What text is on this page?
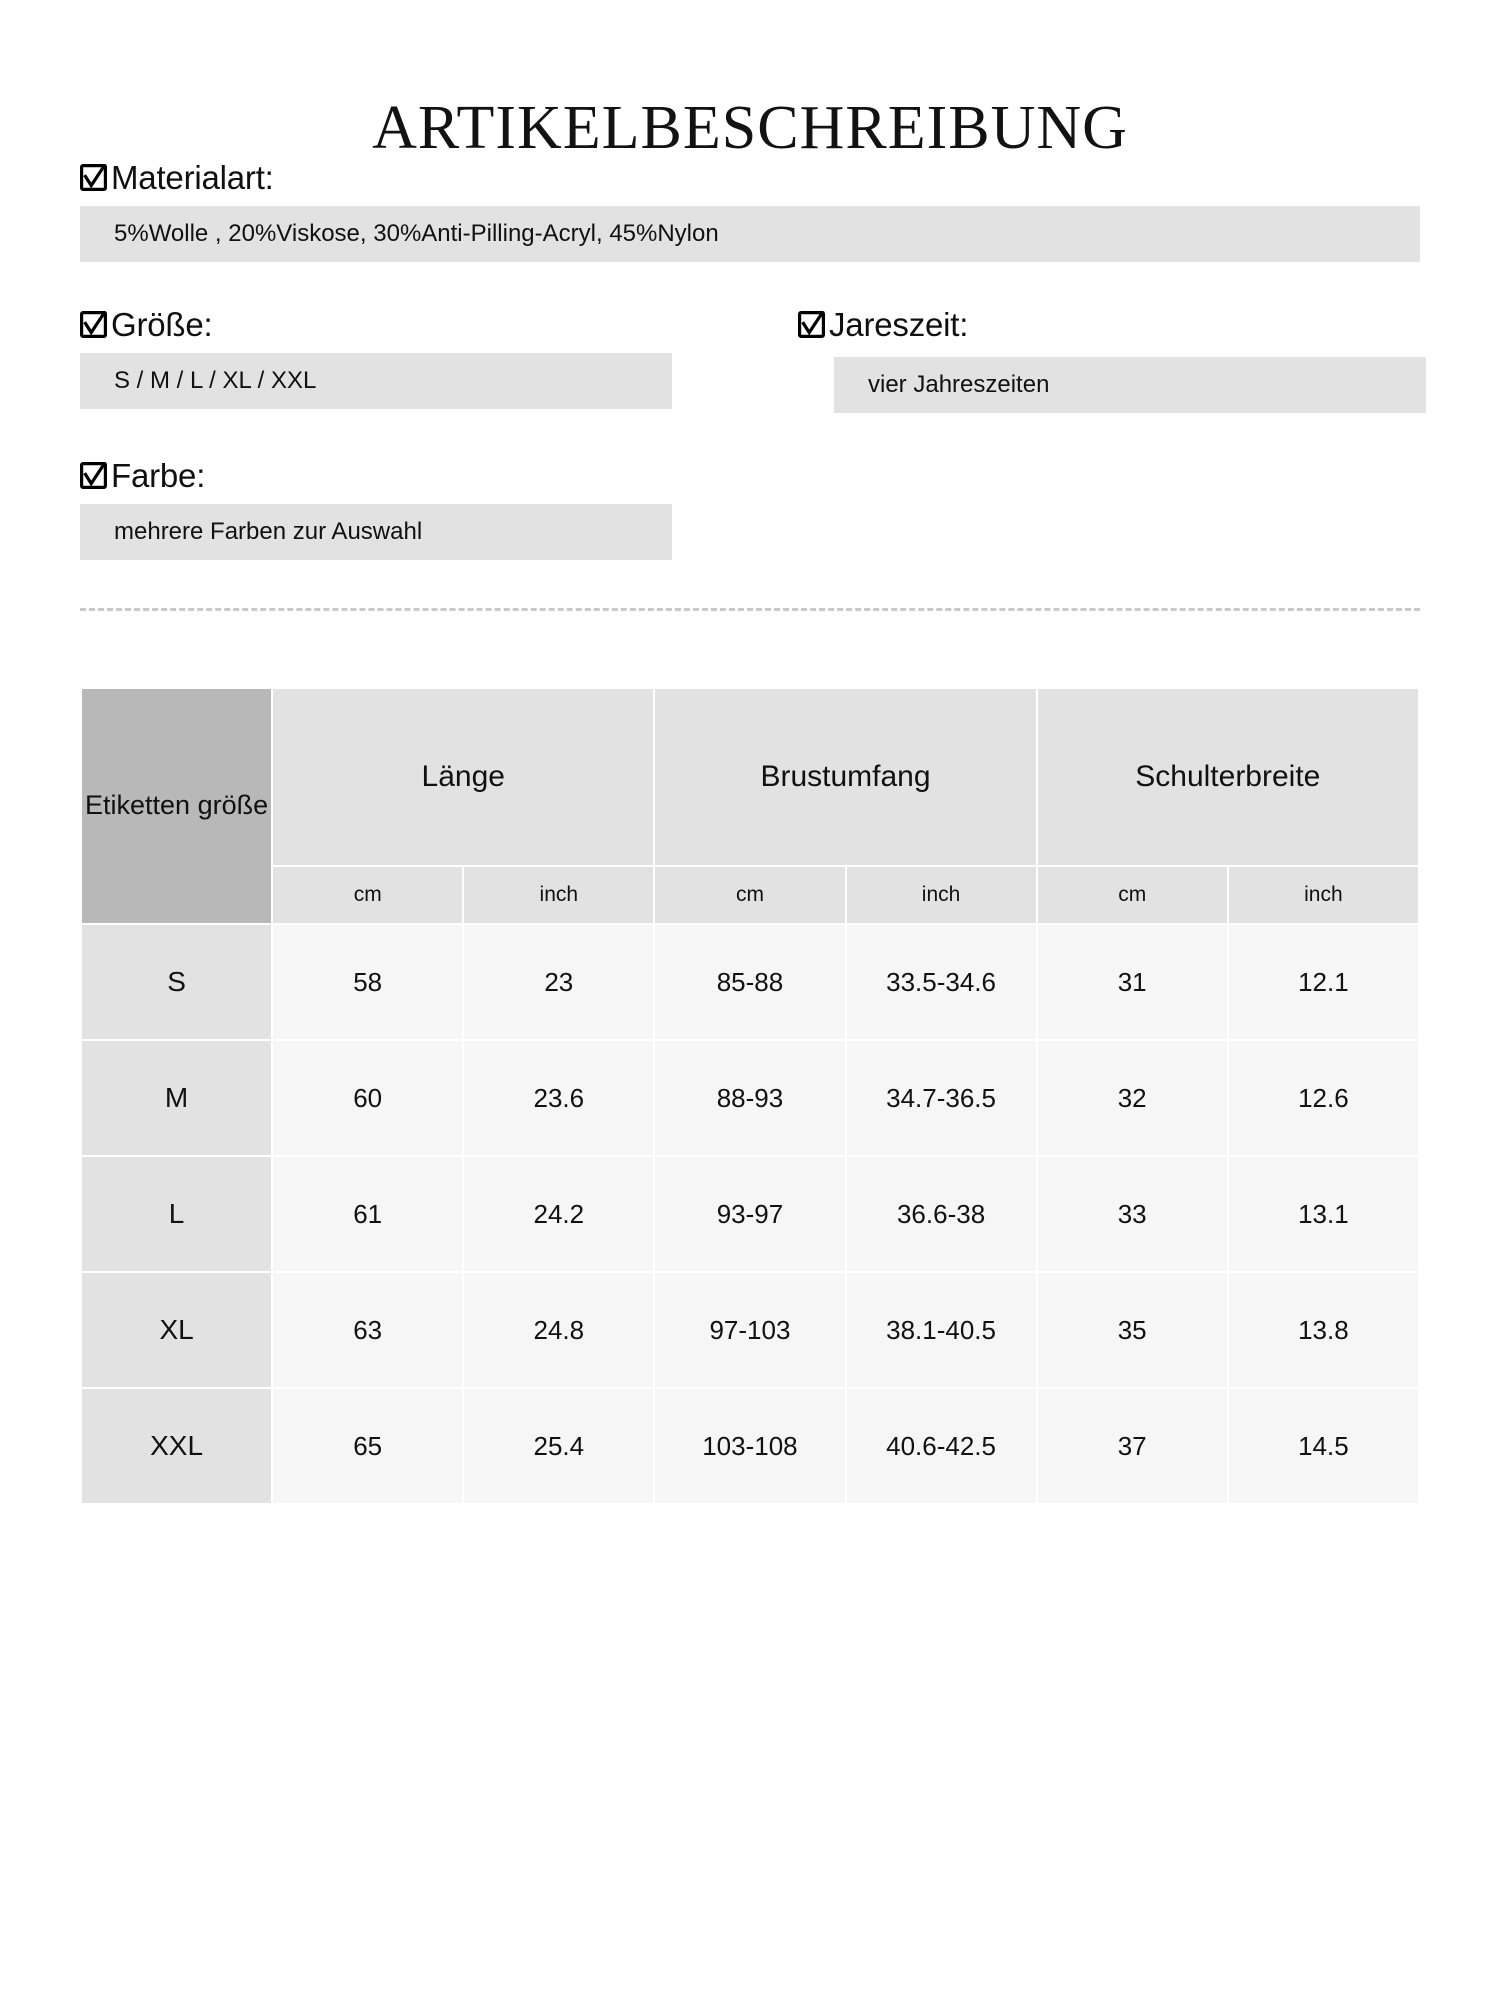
ARTIKELBESCHREIBUNG
Materialart:
5%Wolle , 20%Viskose, 30%Anti-Pilling-Acryl, 45%Nylon
Größe:
S / M / L / XL / XXL
Jareszeit:
vier Jahreszeiten
Farbe:
mehrere Farben zur Auswahl
Etiketten größe	Länge		Brustumfang		Schulterbreite	
	cm	inch	cm	inch	cm	inch
S	58	23	85-88	33.5-34.6	31	12.1
M	60	23.6	88-93	34.7-36.5	32	12.6
L	61	24.2	93-97	36.6-38	33	13.1
XL	63	24.8	97-103	38.1-40.5	35	13.8
XXL	65	25.4	103-108	40.6-42.5	37	14.5
